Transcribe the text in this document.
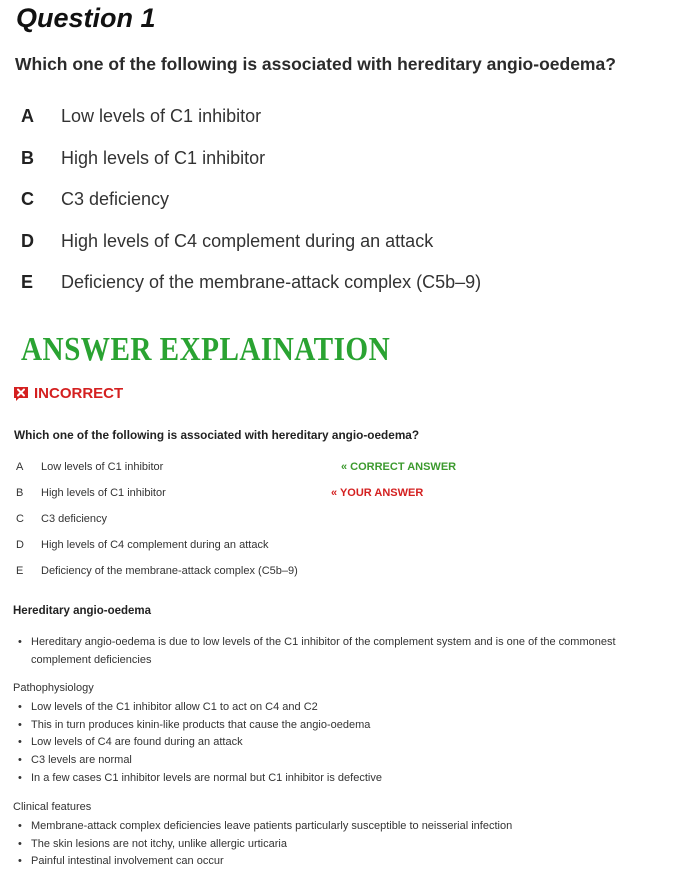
Question 1

Which one of the following is associated with hereditary angio-oedema?

A	Low levels of C1 inhibitor
B	High levels of C1 inhibitor
C	C3 deficiency
D	High levels of C4 complement during an attack
E	Deficiency of the membrane-attack complex (C5b–9)
ANSWER EXPLAINATION
INCORRECT

Which one of the following is associated with hereditary angio-oedema?

A	Low levels of C1 inhibitor	« CORRECT ANSWER
B	High levels of C1 inhibitor	« YOUR ANSWER
C	C3 deficiency
D	High levels of C4 complement during an attack
E	Deficiency of the membrane-attack complex (C5b–9)
Hereditary angio-oedema
• Hereditary angio-oedema is due to low levels of the C1 inhibitor of the complement system and is one of the commonest complement deficiencies

Pathophysiology

• Low levels of the C1 inhibitor allow C1 to act on C4 and C2
• This in turn produces kinin-like products that cause the angio-oedema
• Low levels of C4 are found during an attack
• C3 levels are normal
• In a few cases C1 inhibitor levels are normal but C1 inhibitor is defective

Clinical features

• Membrane-attack complex deficiencies leave patients particularly susceptible to neisserial infection
• The skin lesions are not itchy, unlike allergic urticaria
• Painful intestinal involvement can occur
